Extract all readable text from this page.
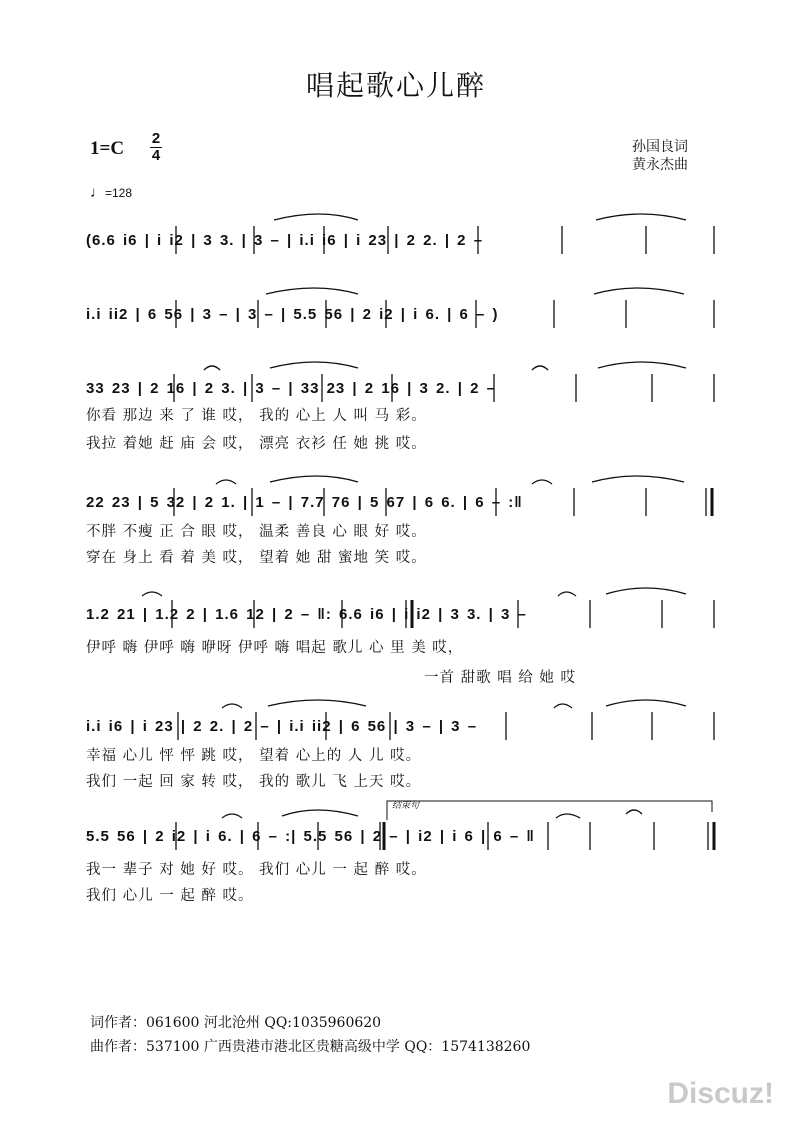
唱起歌心儿醉
1=C 2
4	孙国良词
黄永杰曲
♩=128
(6.6 i6 | i i2 | 3 3. | 3 – | i.i i6 | i 23 | 2 2. | 2 –
i.i ii2 | 6 56 | 3 – | 3 – | 5.5 56 | 2 i2 | i 6. | 6 – )
33 23 | 2 16 | 2 3. | 3 – | 33 23 | 2 16 | 3 2. | 2 –
你看 那边 来 了 谁 哎， 我的 心上 人 叫 马 彩。
我拉 着她 赶 庙 会 哎， 漂亮 衣衫 任 她 挑 哎。
22 23 | 5 32 | 2 1. | 1 – | 7.7 76 | 5 67 | 6 6. | 6 – :‖
不胖 不瘦 正 合 眼 哎， 温柔 善良 心 眼 好 哎。
穿在 身上 看 着 美 哎， 望着 她 甜 蜜地 笑 哎。
1.2 21 | 1.2 2 | 1.6 12 | 2 – ‖: 6.6 i6 | i i2 | 3 3. | 3 –
伊呼 嗨 伊呼 嗨 咿呀 伊呼 嗨 唱起 歌儿 心 里 美 哎，
一首 甜歌 唱 给 她 哎
i.i i6 | i 23 | 2 2. | 2 – | i.i ii2 | 6 56 | 3 – | 3 –
幸福 心儿 怦 怦 跳 哎， 望着 心上的 人 儿 哎。
我们 一起 回 家 转 哎， 我的 歌儿 飞 上天 哎。
结束句
5.5 56 | 2 i2 | i 6. | 6 – :| 5.5 56 | 2 – | i2 | i 6 | 6 – ‖
我一 辈子 对 她 好 哎。 我们 心儿 一 起 醉 哎。
我们 心儿 一 起 醉 哎。
词作者：061600 河北沧州 QQ:1035960620
曲作者：537100 广西贵港市港北区贵糖高级中学 QQ：1574138260
Discuz!
